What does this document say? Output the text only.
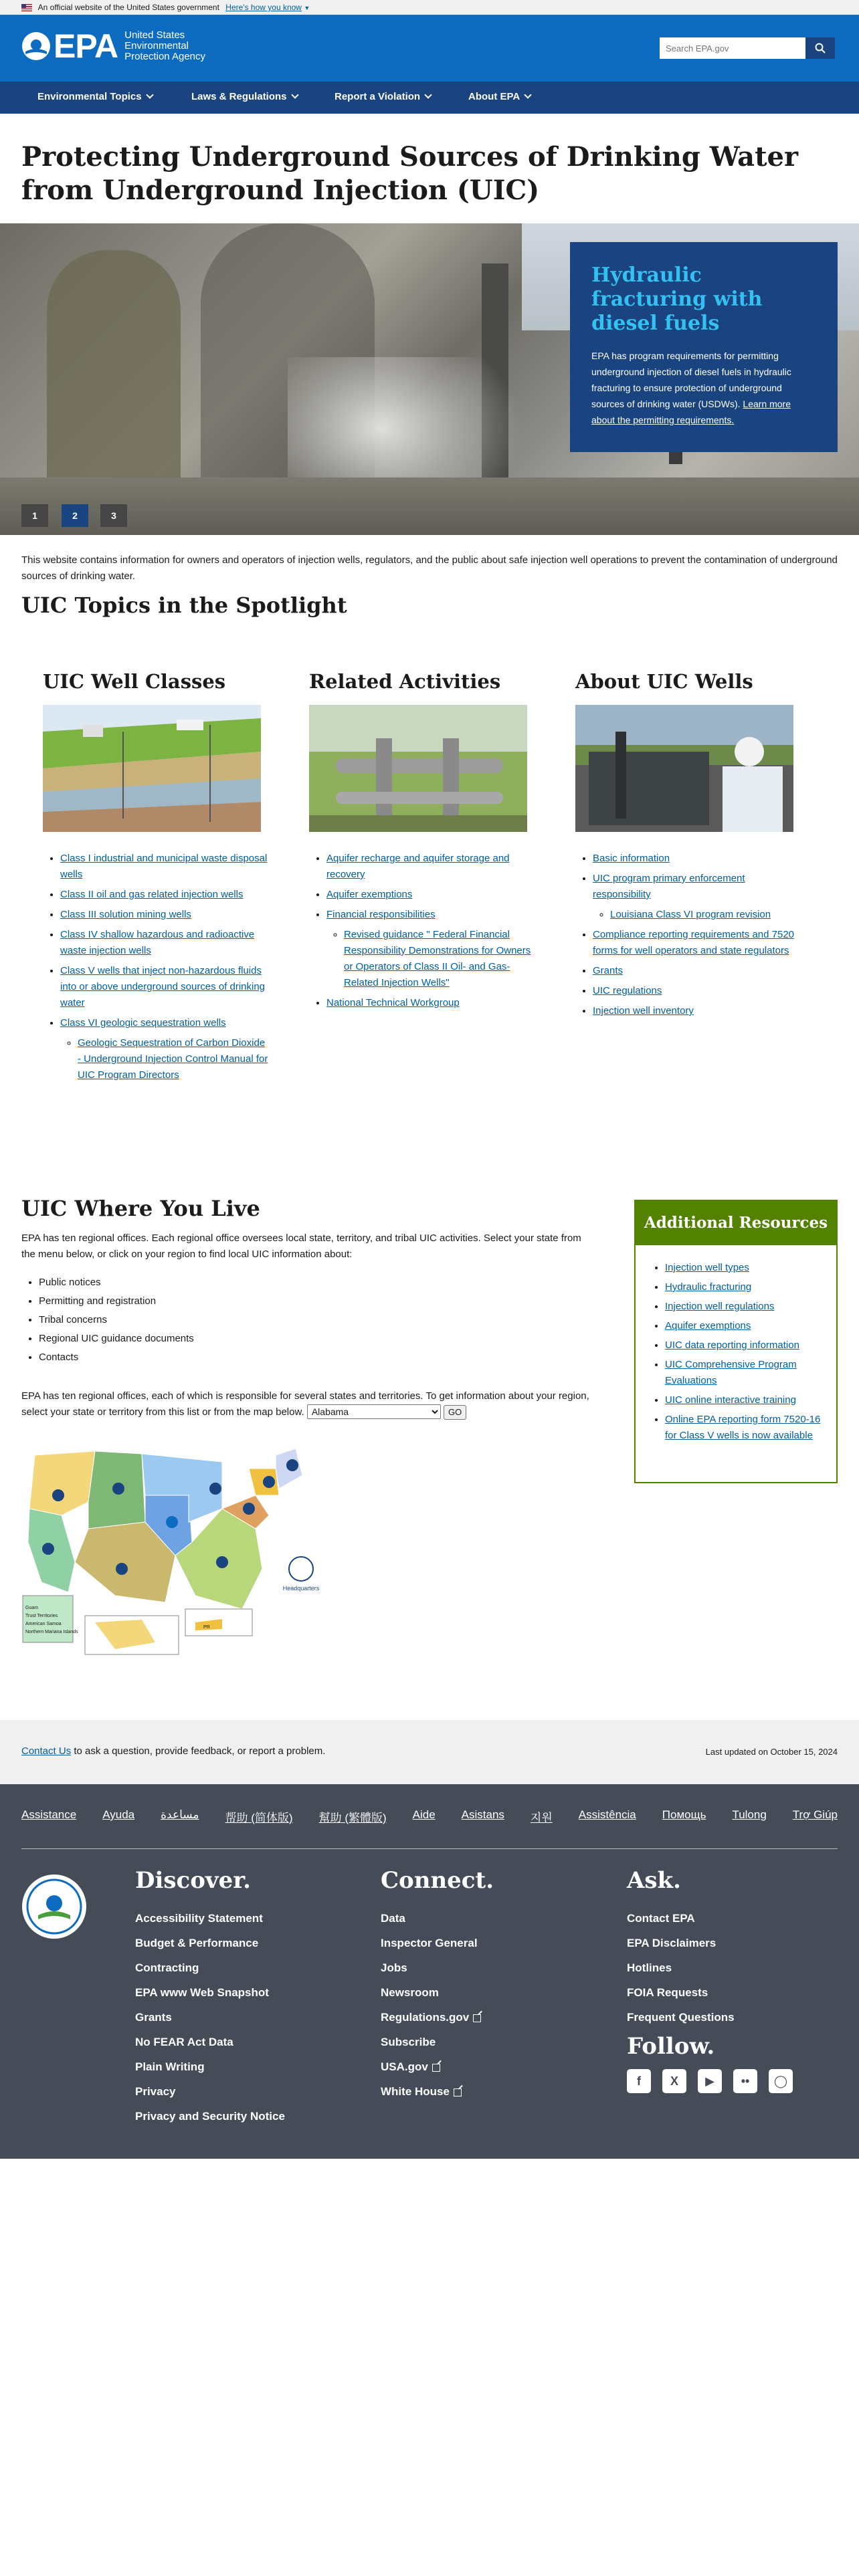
An official website of the United States government Here's how you know ▼
EPA United States Environmental Protection Agency
Search EPA.gov
Environmental Topics	Laws & Regulations	Report a Violation	About EPA
Protecting Underground Sources of Drinking Water from Underground Injection (UIC)
Hydraulic fracturing with diesel fuels

EPA has program requirements for permitting underground injection of diesel fuels in hydraulic fracturing to ensure protection of underground sources of drinking water (USDWs). Learn more about the permitting requirements.

1	2	3

This website contains information for owners and operators of injection wells, regulators, and the public about safe injection well operations to prevent the contamination of underground sources of drinking water.

UIC Topics in the Spotlight
UIC Well Classes
• Class I industrial and municipal waste disposal wells
• Class II oil and gas related injection wells
• Class III solution mining wells
• Class IV shallow hazardous and radioactive waste injection wells
• Class V wells that inject non-hazardous fluids into or above underground sources of drinking water
• Class VI geologic sequestration wells
◦ Geologic Sequestration of Carbon Dioxide - Underground Injection Control Manual for UIC Program Directors
Related Activities
• Aquifer recharge and aquifer storage and recovery
• Aquifer exemptions
• Financial responsibilities
◦ Revised guidance " Federal Financial Responsibility Demonstrations for Owners or Operators of Class II Oil- and Gas-Related Injection Wells"
• National Technical Workgroup
About UIC Wells
• Basic information
• UIC program primary enforcement responsibility
◦ Louisiana Class VI program revision
• Compliance reporting requirements and 7520 forms for well operators and state regulators
• Grants
• UIC regulations
• Injection well inventory
UIC Where You Live

EPA has ten regional offices. Each regional office oversees local state, territory, and tribal UIC activities. Select your state from the menu below, or click on your region to find local UIC information about:

• Public notices
• Permitting and registration
• Tribal concerns
• Regional UIC guidance documents
• Contacts
EPA has ten regional offices, each of which is responsible for several states and territories. To get information about your region, select your state or territory from this list or from the map below.
Alabama	GO
Headquarters
Guam
Trust Territories
American Samoa
Northern Mariana Islands
PR
Additional Resources
• Injection well types
• Hydraulic fracturing
• Injection well regulations
• Aquifer exemptions
• UIC data reporting information
• UIC Comprehensive Program Evaluations
• UIC online interactive training
• Online EPA reporting form 7520-16 for Class V wells is now available
Contact Us to ask a question, provide feedback, or report a problem.	Last updated on October 15, 2024
Assistance Ayuda مساعدة 帮助 (简体版) 幫助 (繁體版) Aide Asistans 지원 Assistência Помощь Tulong Trợ Giúp
Discover.
Accessibility Statement
Budget & Performance
Contracting
EPA www Web Snapshot
Grants
No FEAR Act Data
Plain Writing
Privacy
Privacy and Security Notice
Connect.
Data
Inspector General
Jobs
Newsroom
Regulations.gov
Subscribe
USA.gov
White House
Ask.
Contact EPA
EPA Disclaimers
Hotlines
FOIA Requests
Frequent Questions
Follow.
f	X	▶	••	◯
